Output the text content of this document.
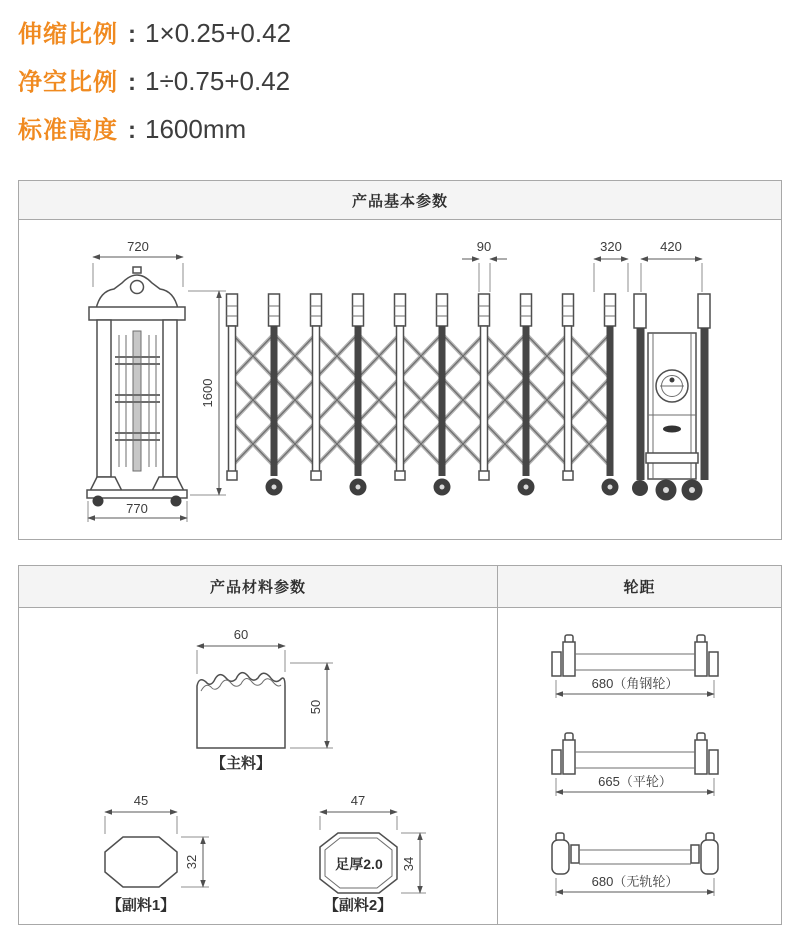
伸缩比例 : 1×0.25+0.42
净空比例 : 1÷0.75+0.42
标准高度 : 1600mm
产品基本参数
720
770
1600
90	320	420
产品材料参数	轮距
60
50
【主料】
45
32
【副料1】
足厚2.0
47
34
【副料2】
680（角钢轮）
665（平轮）
680（无轨轮）
